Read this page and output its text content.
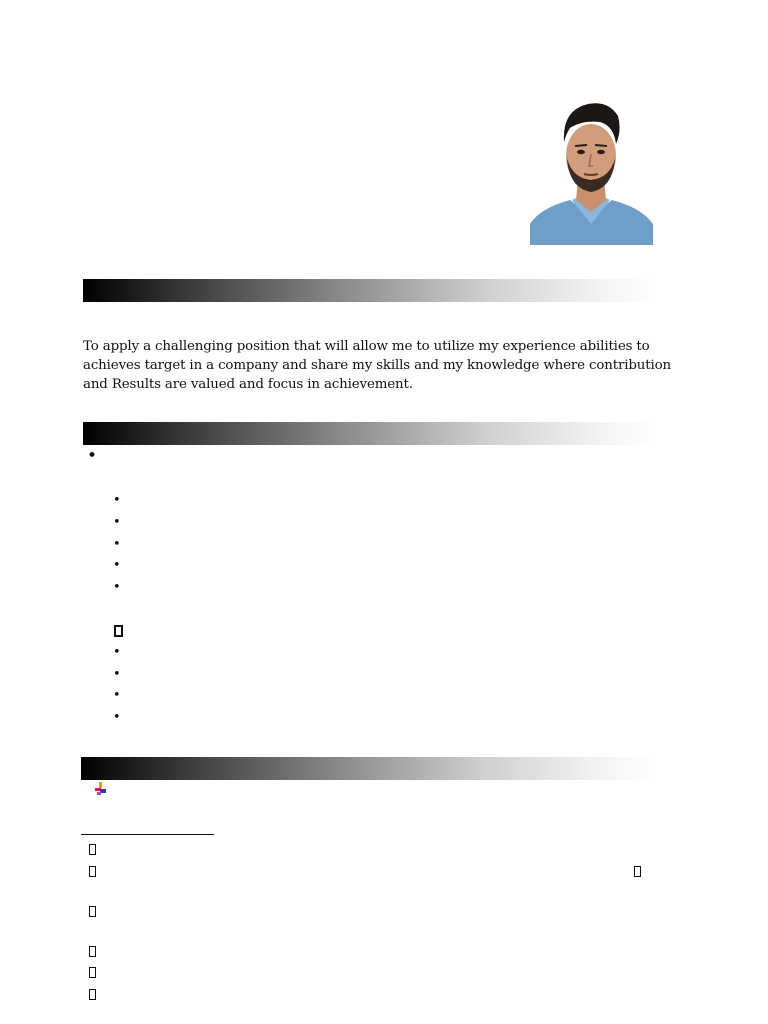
To apply a challenging position that will allow me to utilize my experience abilities to achieves target in a company and share my skills and my knowledge where contribution and Results are valued and focus in achievement.
•
•
•
•
•
•
•
•
•
•
